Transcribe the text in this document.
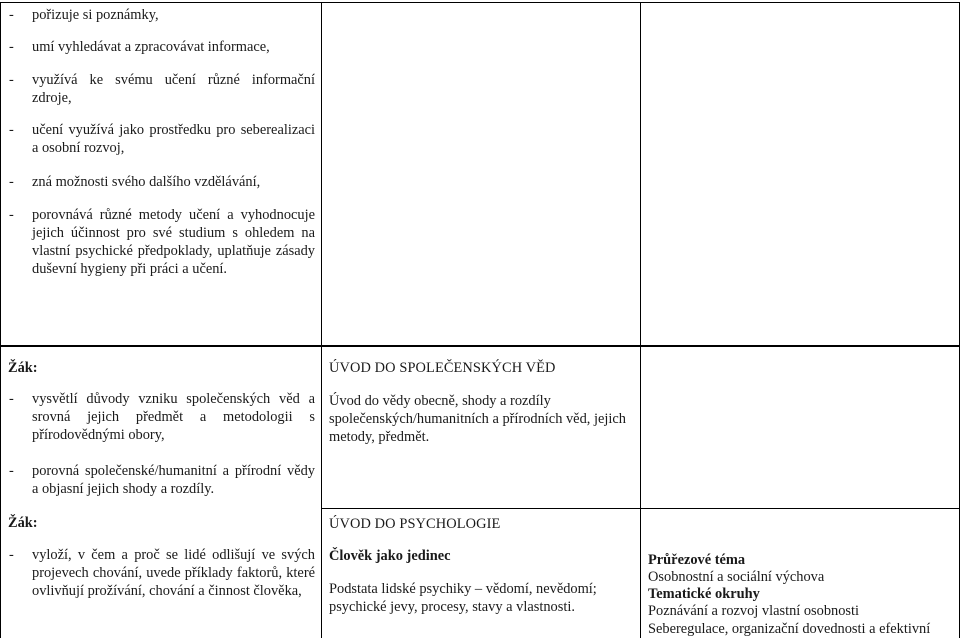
- pořizuje si poznámky,
- umí vyhledávat a zpracovávat informace,
- využívá ke svému učení různé informační zdroje,
- učení využívá jako prostředku pro seberealizaci a osobní rozvoj,
- zná možnosti svého dalšího vzdělávání,
- porovnává různé metody učení a vyhodnocuje jejich účinnost pro své studium s ohledem na vlastní psychické předpoklady, uplatňuje zásady duševní hygieny při práci a učení.
Žák:
- vysvětlí důvody vzniku společenských věd a srovná jejich předmět a metodologii s přírodovědnými obory,
- porovná společenské/humanitní a přírodní vědy a objasní jejich shody a rozdíly.
ÚVOD DO SPOLEČENSKÝCH VĚD
Úvod do vědy obecně, shody a rozdíly společenských/humanitních a přírodních věd, jejich metody, předmět.
Žák:
- vyloží, v čem a proč se lidé odlišují ve svých projevech chování, uvede příklady faktorů, které ovlivňují prožívání, chování a činnost člověka,
ÚVOD DO PSYCHOLOGIE
Člověk jako jedinec
Podstata lidské psychiky – vědomí, nevědomí; psychické jevy, procesy, stavy a vlastnosti.
Průřezové téma
Osobnostní a sociální výchova
Tematické okruhy
Poznávání a rozvoj vlastní osobnosti
Seberegulace, organizační dovednosti a efektivní
